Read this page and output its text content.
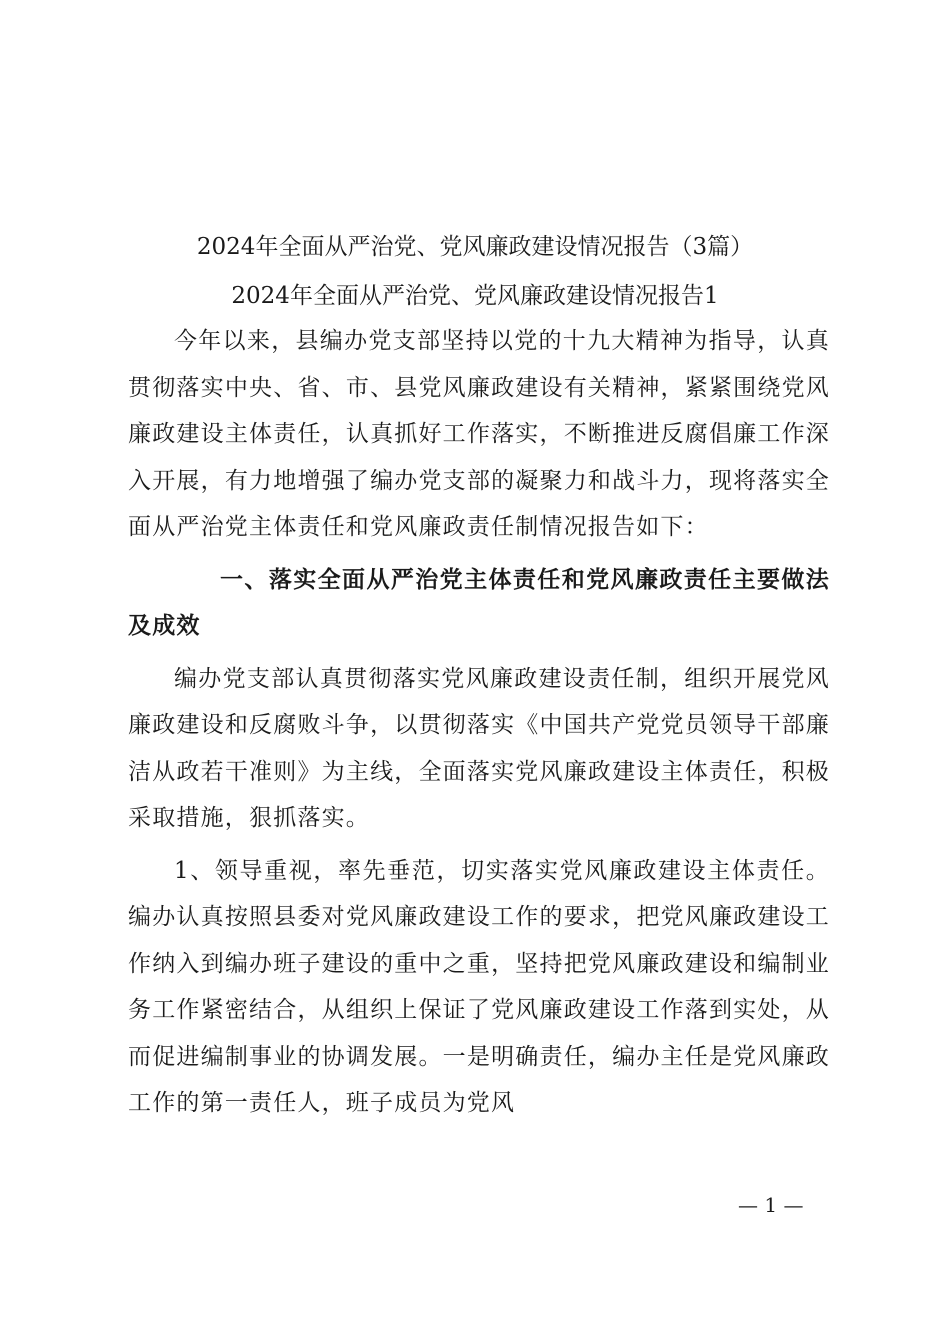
2024年全面从严治党、党风廉政建设情况报告（3篇）
2024年全面从严治党、党风廉政建设情况报告1

今年以来，县编办党支部坚持以党的十九大精神为指导，认真贯彻落实中央、省、市、县党风廉政建设有关精神，紧紧围绕党风廉政建设主体责任，认真抓好工作落实，不断推进反腐倡廉工作深入开展，有力地增强了编办党支部的凝聚力和战斗力，现将落实全面从严治党主体责任和党风廉政责任制情况报告如下：

一、落实全面从严治党主体责任和党风廉政责任主要做法及成效

编办党支部认真贯彻落实党风廉政建设责任制，组织开展党风廉政建设和反腐败斗争，以贯彻落实《中国共产党党员领导干部廉洁从政若干准则》为主线，全面落实党风廉政建设主体责任，积极采取措施，狠抓落实。

1、领导重视，率先垂范，切实落实党风廉政建设主体责任。编办认真按照县委对党风廉政建设工作的要求，把党风廉政建设工作纳入到编办班子建设的重中之重，坚持把党风廉政建设和编制业务工作紧密结合，从组织上保证了党风廉政建设工作落到实处，从而促进编制事业的协调发展。一是明确责任，编办主任是党风廉政工作的第一责任人，班子成员为党风

— 1 —
